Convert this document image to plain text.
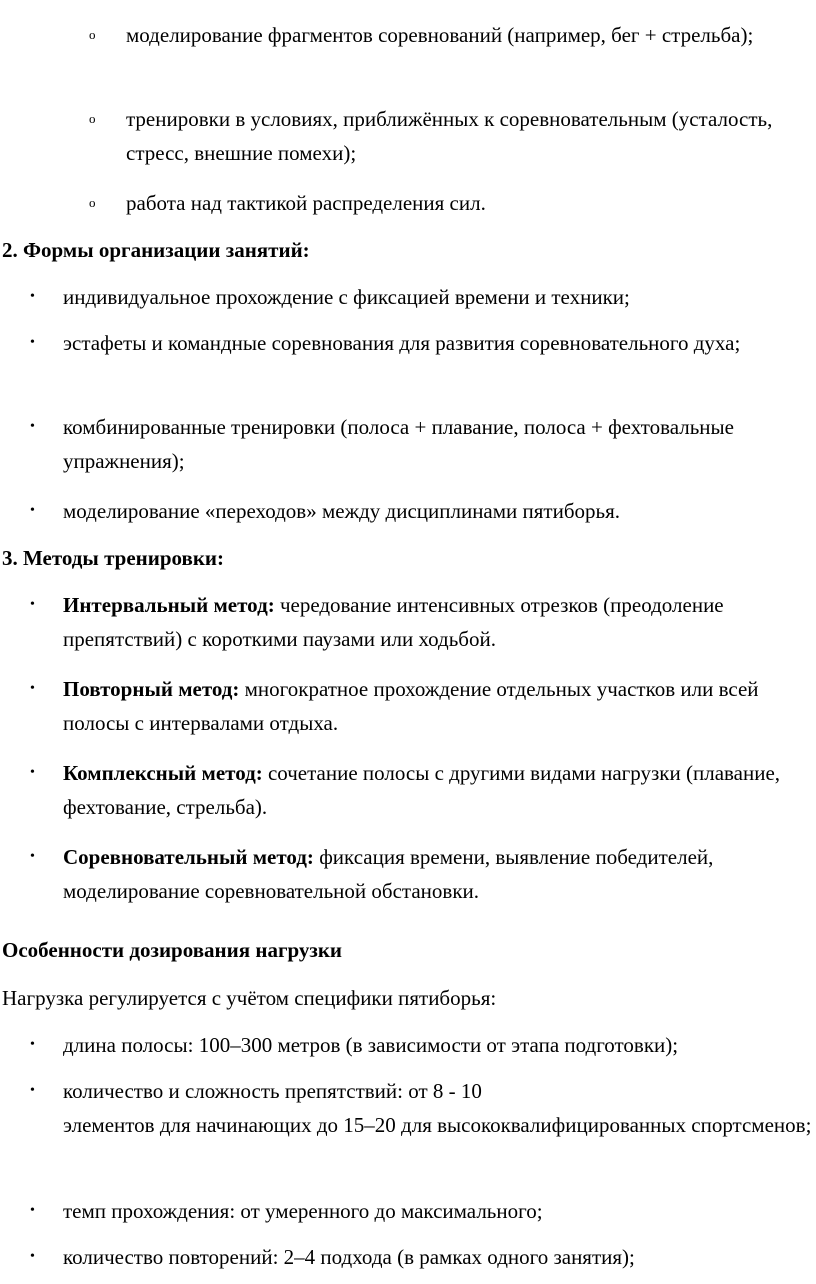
o моделирование фрагментов соревнований (например, бег + стрельба);
o тренировки в условиях, приближённых к соревновательным (усталость, стресс, внешние помехи);
o работа над тактикой распределения сил.
2. Формы организации занятий:
• индивидуальное прохождение с фиксацией времени и техники;
• эстафеты и командные соревнования для развития соревновательного духа;
• комбинированные тренировки (полоса + плавание, полоса + фехтовальные упражнения);
• моделирование «переходов» между дисциплинами пятиборья.
3. Методы тренировки:
• Интервальный метод: чередование интенсивных отрезков (преодоление препятствий) с короткими паузами или ходьбой.
• Повторный метод: многократное прохождение отдельных участков или всей полосы с интервалами отдыха.
• Комплексный метод: сочетание полосы с другими видами нагрузки (плавание, фехтование, стрельба).
• Соревновательный метод: фиксация времени, выявление победителей, моделирование соревновательной обстановки.
Особенности дозирования нагрузки
Нагрузка регулируется с учётом специфики пятиборья:
• длина полосы: 100–300 метров (в зависимости от этапа подготовки);
• количество и сложность препятствий: от 8 - 10
элементов для начинающих до 15–20 для высококвалифицированных спортсменов;
• темп прохождения: от умеренного до максимального;
• количество повторений: 2–4 подхода (в рамках одного занятия);
